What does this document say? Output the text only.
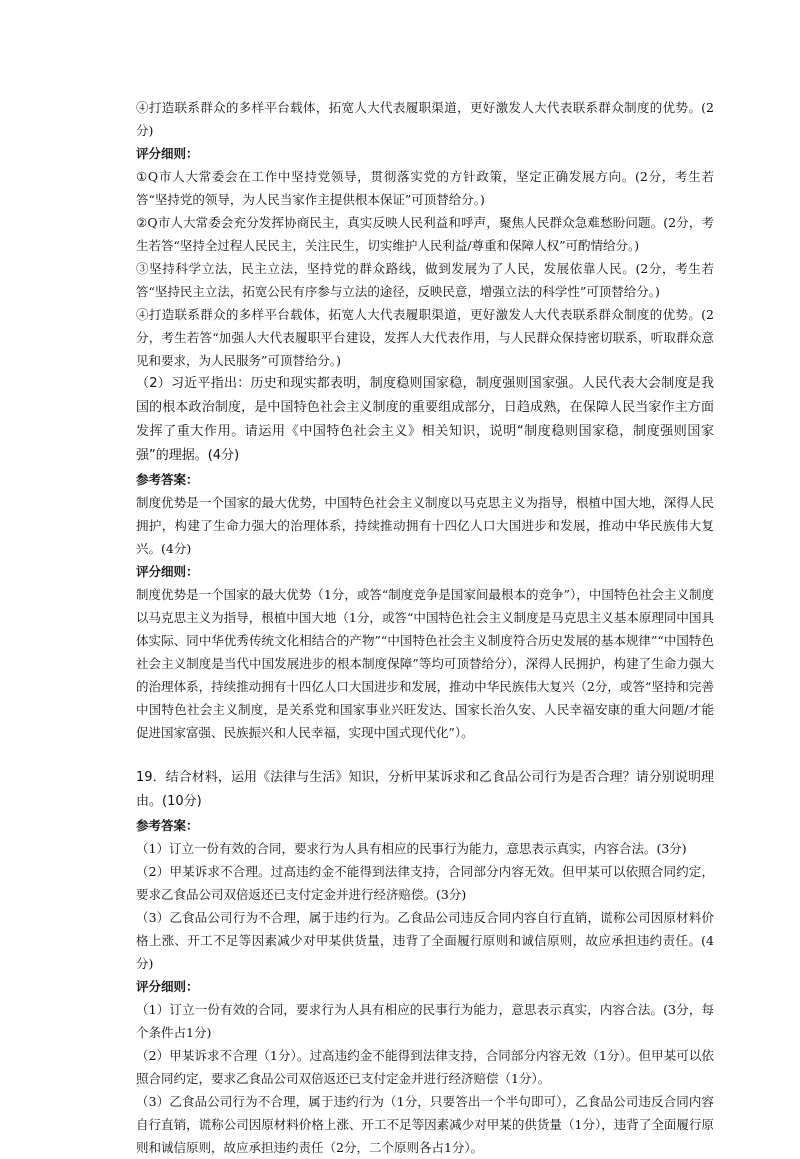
④打造联系群众的多样平台载体，拓宽人大代表履职渠道，更好激发人大代表联系群众制度的优势。(2分)

评分细则：

①Q市人大常委会在工作中坚持党领导，贯彻落实党的方针政策，坚定正确发展方向。(2分，考生若答“坚持党的领导，为人民当家作主提供根本保证”可顶替给分。)

②Q市人大常委会充分发挥协商民主，真实反映人民利益和呼声，聚焦人民群众急难愁盼问题。(2分，考生若答“坚持全过程人民民主，关注民生，切实维护人民利益/尊重和保障人权”可酌情给分。)

③坚持科学立法，民主立法，坚持党的群众路线，做到发展为了人民，发展依靠人民。(2分，考生若答“坚持民主立法，拓宽公民有序参与立法的途径，反映民意，增强立法的科学性”可顶替给分。)

④打造联系群众的多样平台载体，拓宽人大代表履职渠道，更好激发人大代表联系群众制度的优势。(2分，考生若答“加强人大代表履职平台建设，发挥人大代表作用，与人民群众保持密切联系，听取群众意见和要求，为人民服务”可顶替给分。)

（2）习近平指出：历史和现实都表明，制度稳则国家稳，制度强则国家强。人民代表大会制度是我国的根本政治制度，是中国特色社会主义制度的重要组成部分，日趋成熟，在保障人民当家作主方面发挥了重大作用。请运用《中国特色社会主义》相关知识，说明“制度稳则国家稳，制度强则国家强”的理据。(4分)

参考答案：

制度优势是一个国家的最大优势，中国特色社会主义制度以马克思主义为指导，根植中国大地，深得人民拥护，构建了生命力强大的治理体系，持续推动拥有十四亿人口大国进步和发展，推动中华民族伟大复兴。(4分)

评分细则：

制度优势是一个国家的最大优势（1分，或答“制度竞争是国家间最根本的竞争”），中国特色社会主义制度以马克思主义为指导，根植中国大地（1分，或答“中国特色社会主义制度是马克思主义基本原理同中国具体实际、同中华优秀传统文化相结合的产物”“中国特色社会主义制度符合历史发展的基本规律”“中国特色社会主义制度是当代中国发展进步的根本制度保障”等均可顶替给分），深得人民拥护，构建了生命力强大的治理体系，持续推动拥有十四亿人口大国进步和发展，推动中华民族伟大复兴（2分，或答“坚持和完善中国特色社会主义制度，是关系党和国家事业兴旺发达、国家长治久安、人民幸福安康的重大问题/才能促进国家富强、民族振兴和人民幸福，实现中国式现代化”）。

19．结合材料，运用《法律与生活》知识，分析甲某诉求和乙食品公司行为是否合理？请分别说明理由。(10分)

参考答案：

（1）订立一份有效的合同，要求行为人具有相应的民事行为能力，意思表示真实，内容合法。(3分)

（2）甲某诉求不合理。过高违约金不能得到法律支持，合同部分内容无效。但甲某可以依照合同约定，要求乙食品公司双倍返还已支付定金并进行经济赔偿。(3分)

（3）乙食品公司行为不合理，属于违约行为。乙食品公司违反合同内容自行直销，谎称公司因原材料价格上涨、开工不足等因素减少对甲某供货量，违背了全面履行原则和诚信原则，故应承担违约责任。(4分)

评分细则：

（1）订立一份有效的合同，要求行为人具有相应的民事行为能力，意思表示真实，内容合法。(3分，每个条件占1分)

（2）甲某诉求不合理（1分）。过高违约金不能得到法律支持，合同部分内容无效（1分）。但甲某可以依照合同约定，要求乙食品公司双倍返还已支付定金并进行经济赔偿（1分）。

（3）乙食品公司行为不合理，属于违约行为（1分，只要答出一个半句即可），乙食品公司违反合同内容自行直销，谎称公司因原材料价格上涨、开工不足等因素减少对甲某的供货量（1分），违背了全面履行原则和诚信原则，故应承担违约责任（2分，二个原则各占1分）。
